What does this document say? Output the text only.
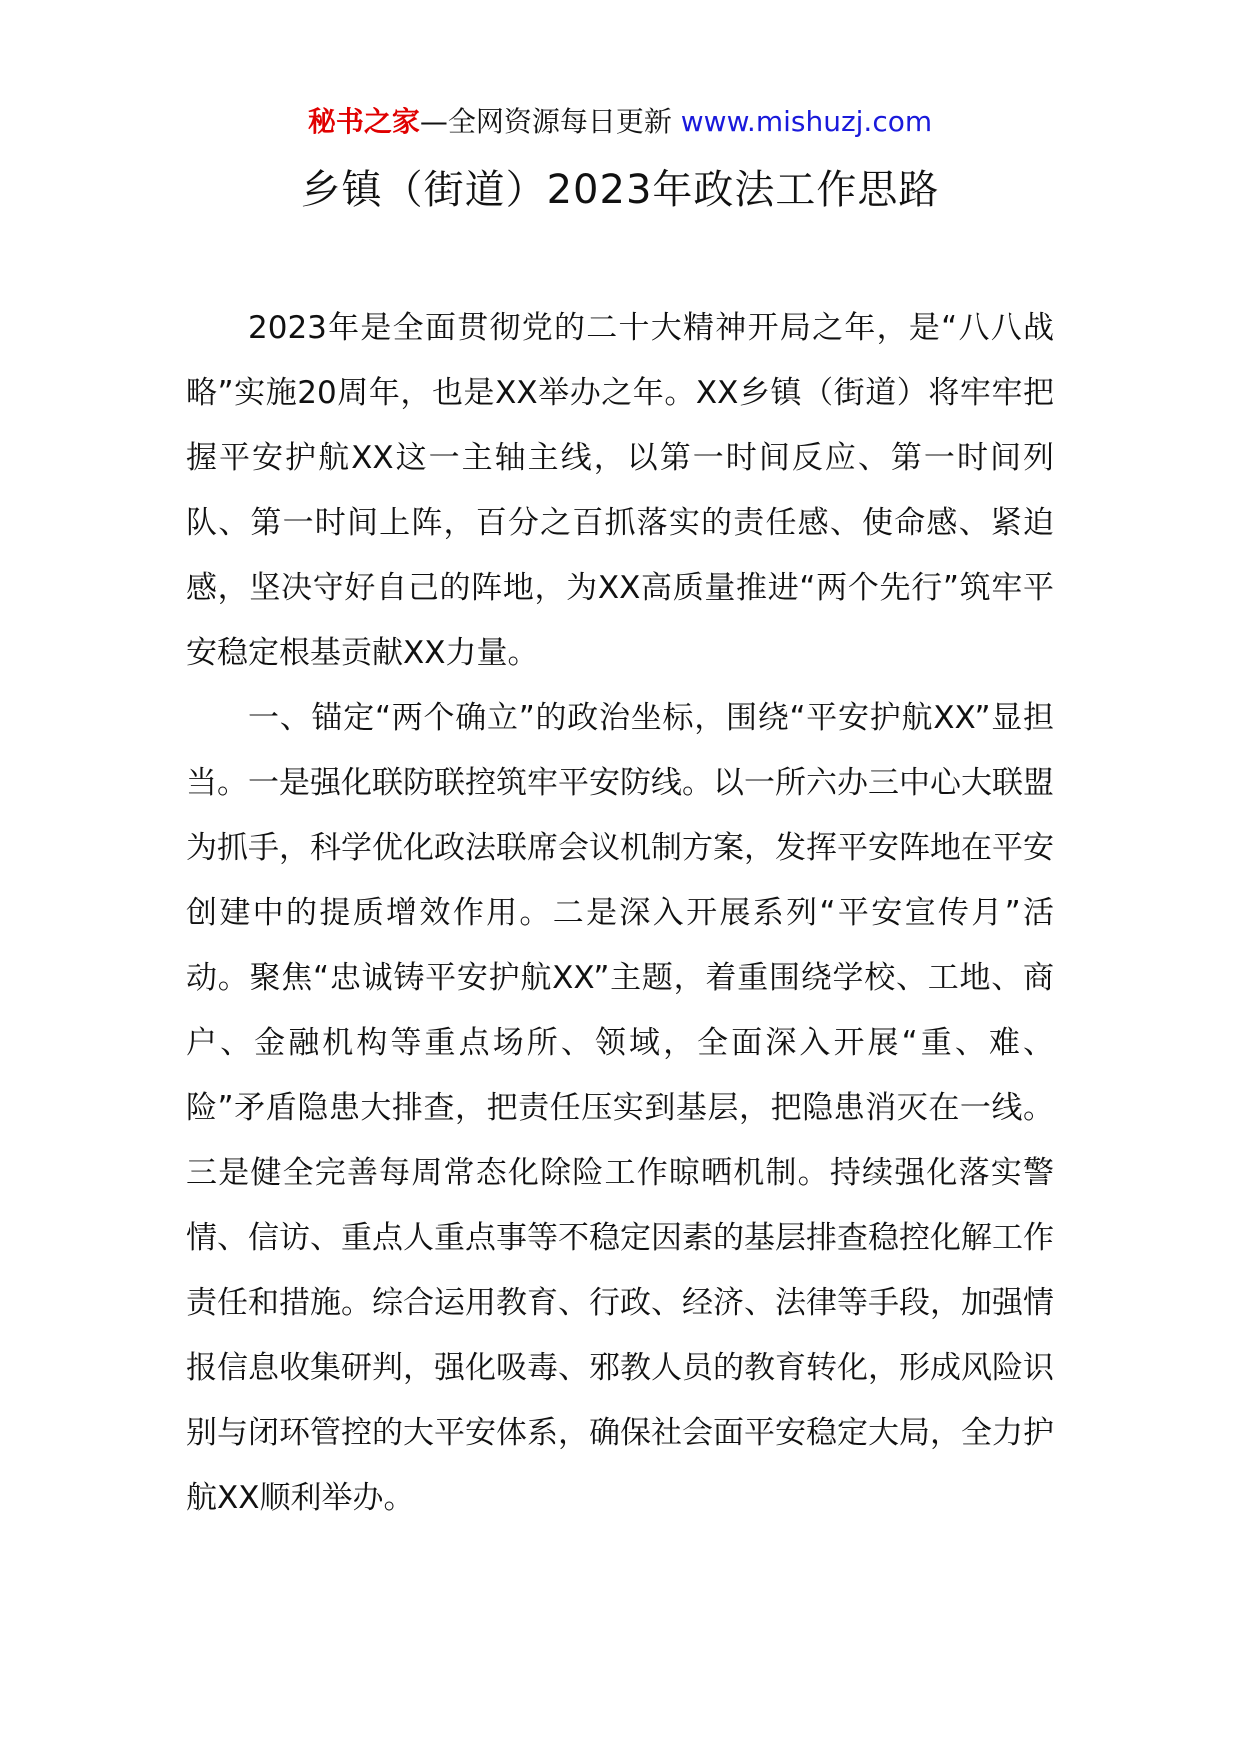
秘书之家—全网资源每日更新 www.mishuzj.com
乡镇（街道）2023年政法工作思路

2023年是全面贯彻党的二十大精神开局之年，是“八八战略”实施20周年，也是XX举办之年。XX乡镇（街道）将牢牢把握平安护航XX这一主轴主线，以第一时间反应、第一时间列队、第一时间上阵，百分之百抓落实的责任感、使命感、紧迫感，坚决守好自己的阵地，为XX高质量推进“两个先行”筑牢平安稳定根基贡献XX力量。

一、锚定“两个确立”的政治坐标，围绕“平安护航XX”显担当。一是强化联防联控筑牢平安防线。以一所六办三中心大联盟为抓手，科学优化政法联席会议机制方案，发挥平安阵地在平安创建中的提质增效作用。二是深入开展系列“平安宣传月”活动。聚焦“忠诚铸平安护航XX”主题，着重围绕学校、工地、商户、金融机构等重点场所、领域，全面深入开展“重、难、险”矛盾隐患大排查，把责任压实到基层，把隐患消灭在一线。三是健全完善每周常态化除险工作晾晒机制。持续强化落实警情、信访、重点人重点事等不稳定因素的基层排查稳控化解工作责任和措施。综合运用教育、行政、经济、法律等手段，加强情报信息收集研判，强化吸毒、邪教人员的教育转化，形成风险识别与闭环管控的大平安体系，确保社会面平安稳定大局，全力护航XX顺利举办。
